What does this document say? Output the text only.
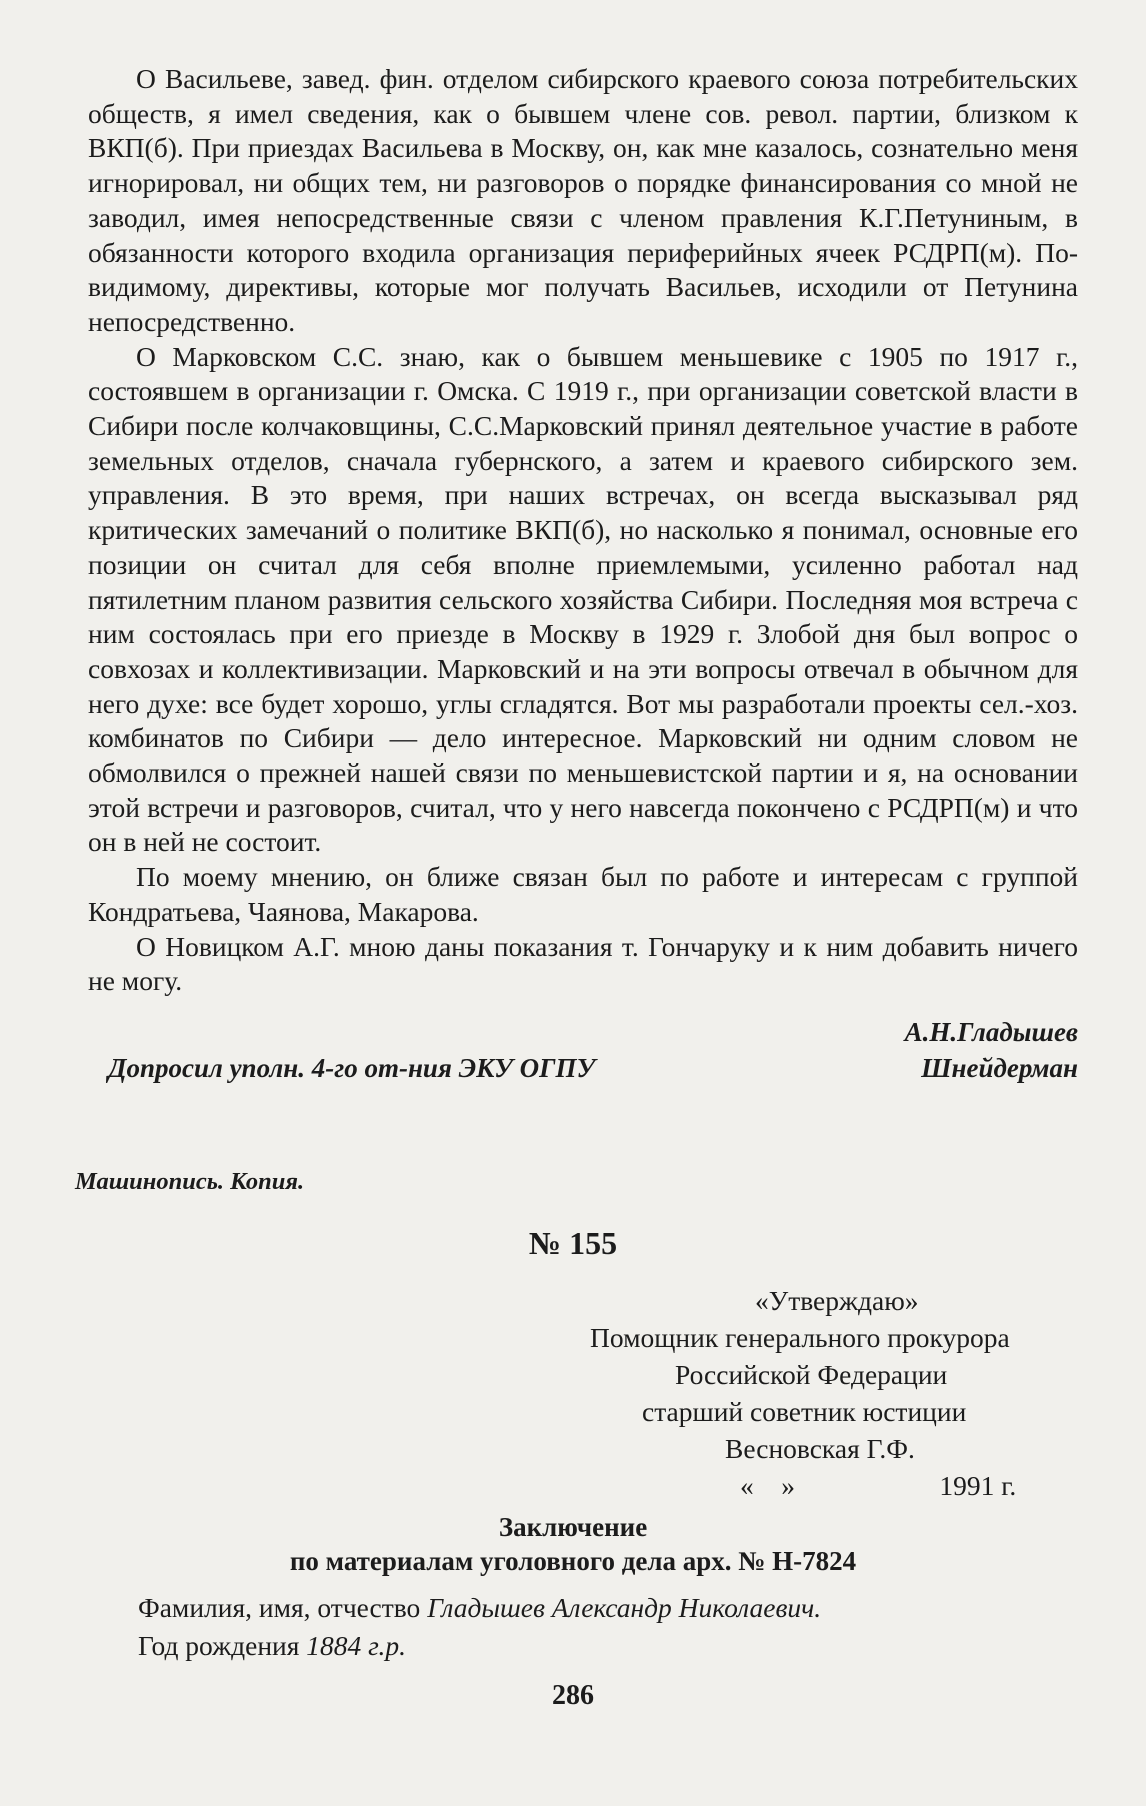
О Васильеве, завед. фин. отделом сибирского краевого союза потребительских обществ, я имел сведения, как о бывшем члене сов. револ. партии, близком к ВКП(б). При приездах Васильева в Москву, он, как мне казалось, сознательно меня игнорировал, ни общих тем, ни разговоров о порядке финансирования со мной не заводил, имея непосредственные связи с членом правления К.Г.Петуниным, в обязанности которого входила организация периферийных ячеек РСДРП(м). По-видимому, директивы, которые мог получать Васильев, исходили от Петунина непосредственно.

О Марковском С.С. знаю, как о бывшем меньшевике с 1905 по 1917 г., состоявшем в организации г. Омска. С 1919 г., при организации советской власти в Сибири после колчаковщины, С.С.Марковский принял деятельное участие в работе земельных отделов, сначала губернского, а затем и краевого сибирского зем. управления. В это время, при наших встречах, он всегда высказывал ряд критических замечаний о политике ВКП(б), но насколько я понимал, основные его позиции он считал для себя вполне приемлемыми, усиленно работал над пятилетним планом развития сельского хозяйства Сибири. Последняя моя встреча с ним состоялась при его приезде в Москву в 1929 г. Злобой дня был вопрос о совхозах и коллективизации. Марковский и на эти вопросы отвечал в обычном для него духе: все будет хорошо, углы сгладятся. Вот мы разработали проекты сел.-хоз. комбинатов по Сибири — дело интересное. Марковский ни одним словом не обмолвился о прежней нашей связи по меньшевистской партии и я, на основании этой встречи и разговоров, считал, что у него навсегда покончено с РСДРП(м) и что он в ней не состоит.

По моему мнению, он ближе связан был по работе и интересам с группой Кондратьева, Чаянова, Макарова.

О Новицком А.Г. мною даны показания т. Гончаруку и к ним добавить ничего не могу.

А.Н.Гладышев
Допросил уполн. 4-го от-ния ЭКУ ОГПУ	Шнейдерман
Машинопись. Копия.
№ 155
«Утверждаю»
Помощник генерального прокурора
Российской Федерации
старший советник юстиции
Весновская Г.Ф.
«    »                     1991 г.
Заключение
по материалам уголовного дела арх. № Н-7824
Фамилия, имя, отчество Гладышев Александр Николаевич.
Год рождения 1884 г.р.
286
